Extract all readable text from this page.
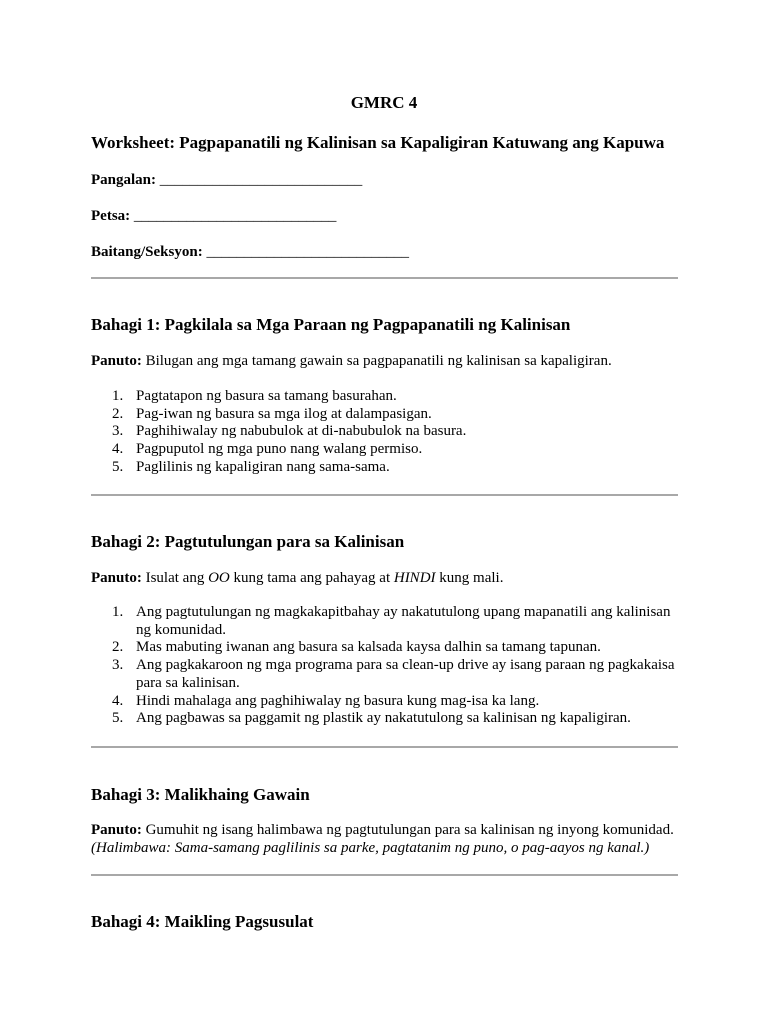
GMRC 4
Worksheet: Pagpapanatili ng Kalinisan sa Kapaligiran Katuwang ang Kapuwa
Pangalan: ___________________________
Petsa: ___________________________
Baitang/Seksyon: ___________________________
Bahagi 1: Pagkilala sa Mga Paraan ng Pagpapanatili ng Kalinisan
Panuto: Bilugan ang mga tamang gawain sa pagpapanatili ng kalinisan sa kapaligiran.
1. Pagtatapon ng basura sa tamang basurahan.
2. Pag-iwan ng basura sa mga ilog at dalampasigan.
3. Paghihiwalay ng nabubulok at di-nabubulok na basura.
4. Pagpuputol ng mga puno nang walang permiso.
5. Paglilinis ng kapaligiran nang sama-sama.
Bahagi 2: Pagtutulungan para sa Kalinisan
Panuto: Isulat ang OO kung tama ang pahayag at HINDI kung mali.
1. Ang pagtutulungan ng magkakapitbahay ay nakatutulong upang mapanatili ang kalinisan ng komunidad.
2. Mas mabuting iwanan ang basura sa kalsada kaysa dalhin sa tamang tapunan.
3. Ang pagkakaroon ng mga programa para sa clean-up drive ay isang paraan ng pagkakaisa para sa kalinisan.
4. Hindi mahalaga ang paghihiwalay ng basura kung mag-isa ka lang.
5. Ang pagbawas sa paggamit ng plastik ay nakatutulong sa kalinisan ng kapaligiran.
Bahagi 3: Malikhaing Gawain
Panuto: Gumuhit ng isang halimbawa ng pagtutulungan para sa kalinisan ng inyong komunidad.
(Halimbawa: Sama-samang paglilinis sa parke, pagtatanim ng puno, o pag-aayos ng kanal.)
Bahagi 4: Maikling Pagsusulat
